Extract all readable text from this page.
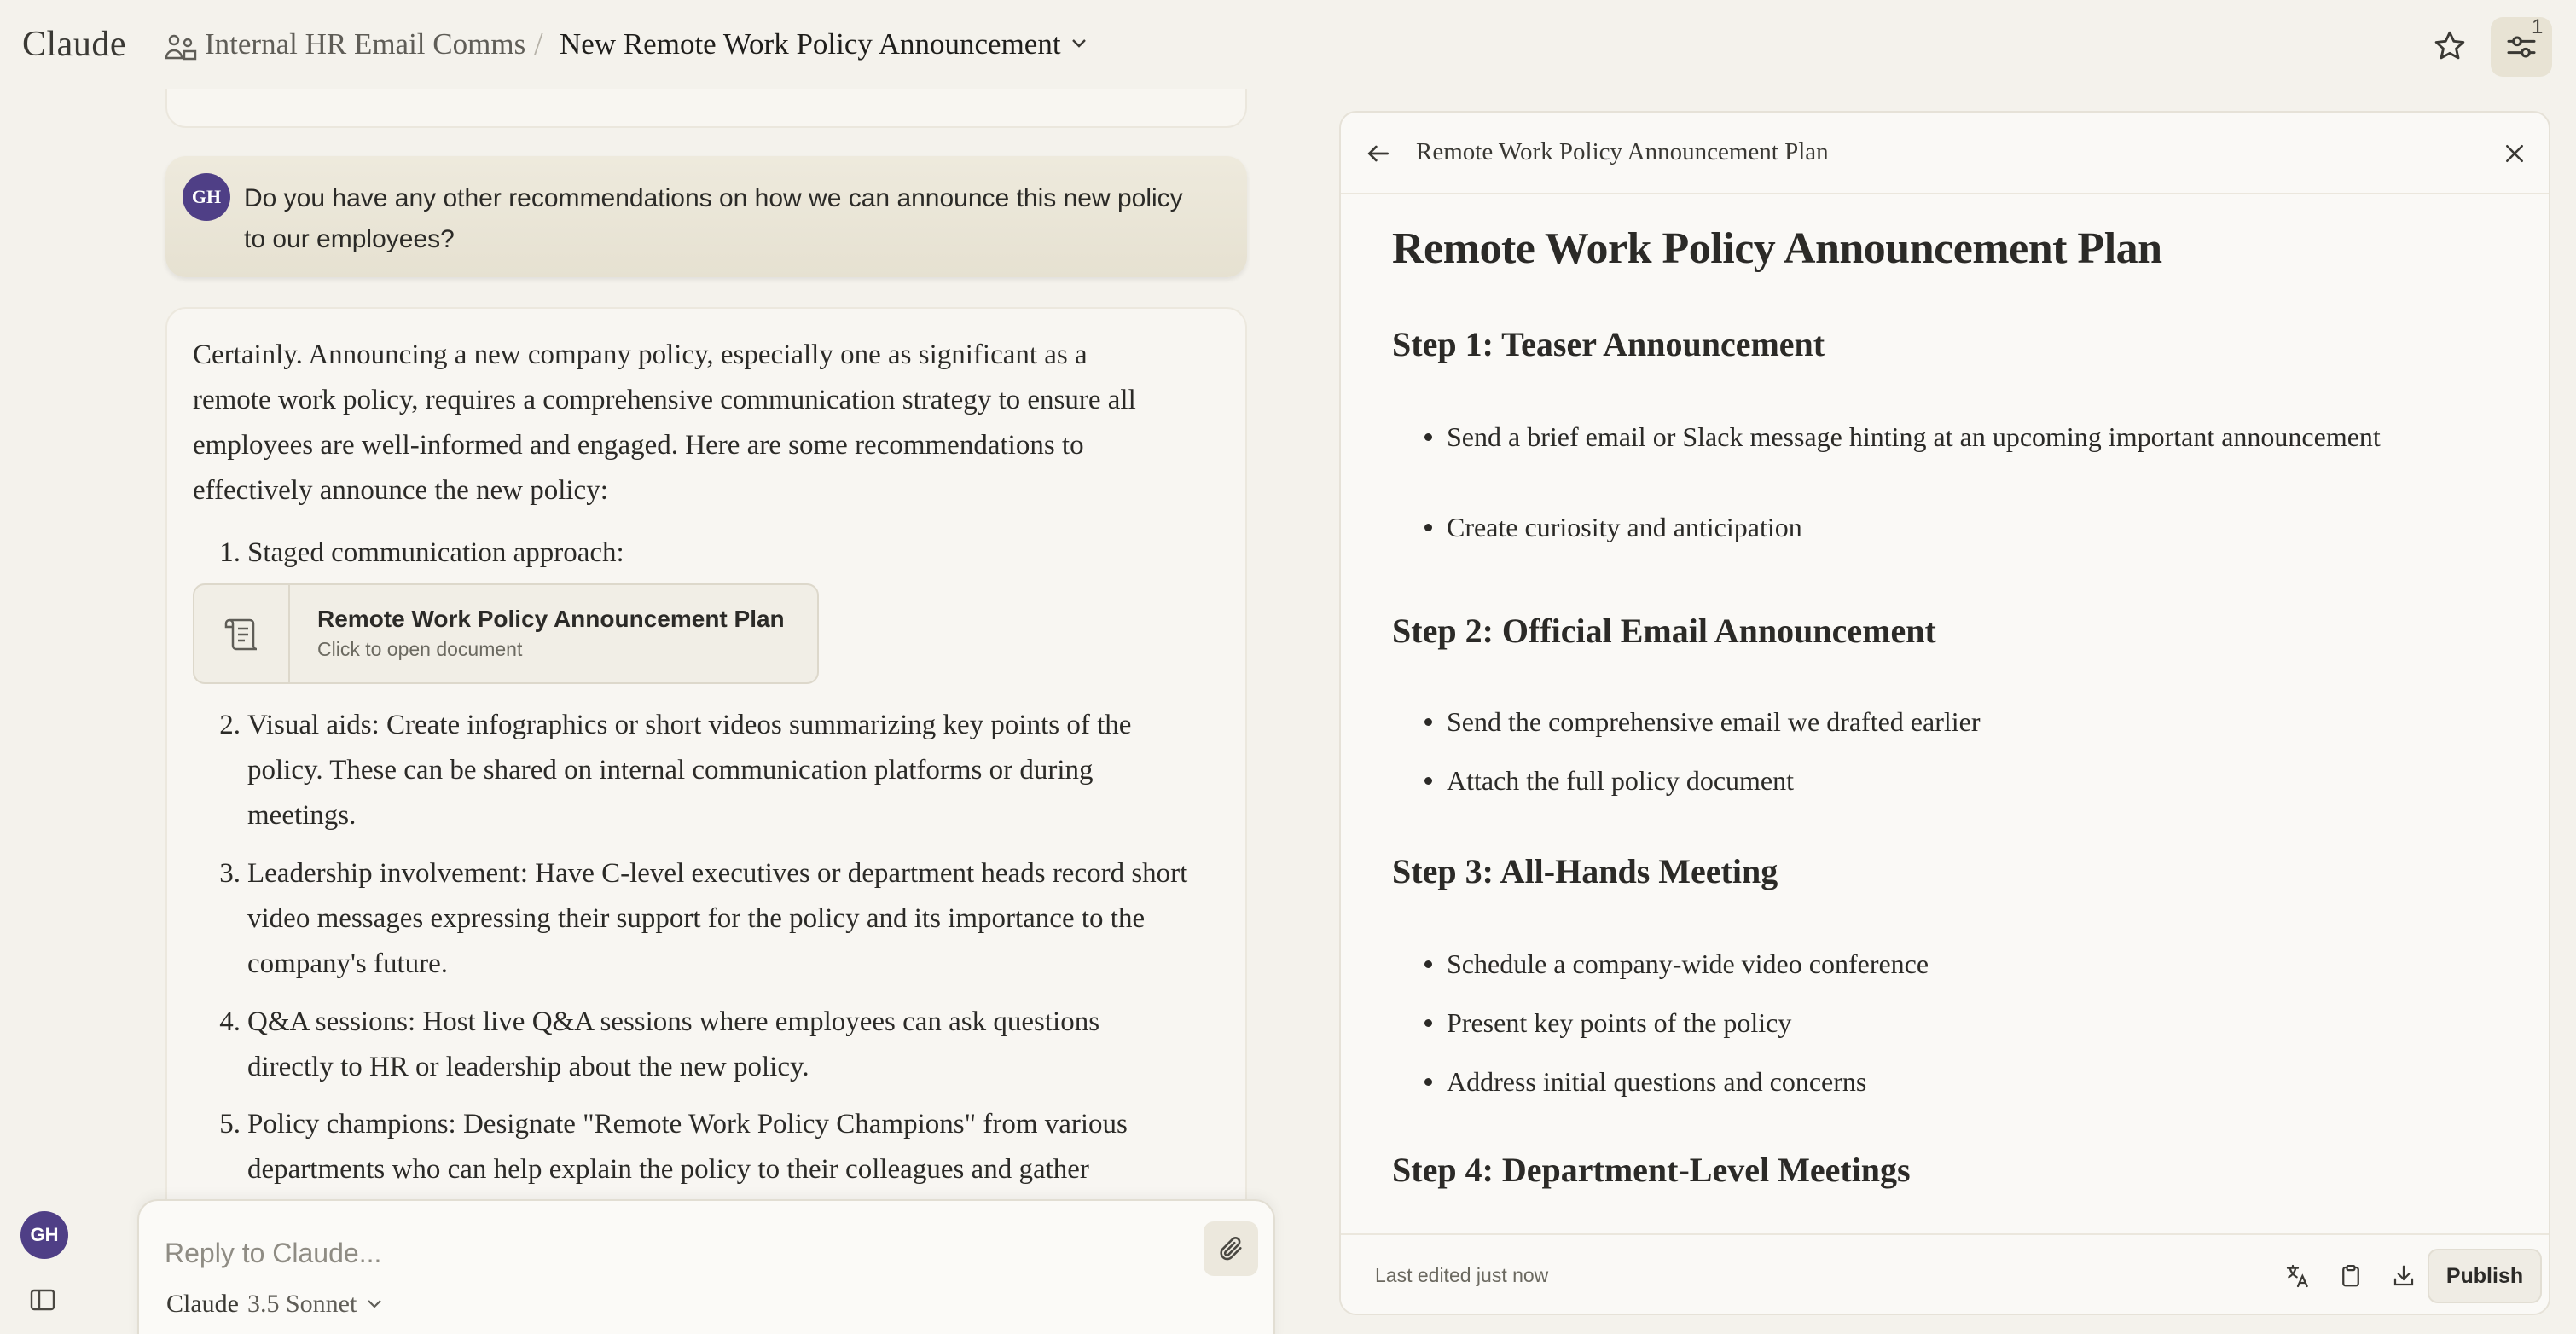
GH Do you have any other recommendations on how we can announce this new policy to our employees?
Certainly. Announcing a new company policy, especially one as significant as a remote work policy, requires a comprehensive communication strategy to ensure all employees are well-informed and engaged. Here are some recommendations to effectively announce the new policy:
1. Staged communication approach:
Remote Work Policy Announcement Plan
Click to open document
2. Visual aids: Create infographics or short videos summarizing key points of the policy. These can be shared on internal communication platforms or during meetings.
3. Leadership involvement: Have C-level executives or department heads record short video messages expressing their support for the policy and its importance to the company's future.
4. Q&A sessions: Host live Q&A sessions where employees can ask questions directly to HR or leadership about the new policy.
5. Policy champions: Designate "Remote Work Policy Champions" from various departments who can help explain the policy to their colleagues and gather
Reply to Claude...
Claude 3.5 Sonnet
Claude	Internal HR Email Comms / New Remote Work Policy Announcement
1
GH
Remote Work Policy Announcement Plan
Remote Work Policy Announcement Plan
Step 1: Teaser Announcement
Send a brief email or Slack message hinting at an upcoming important announcement
Create curiosity and anticipation
Step 2: Official Email Announcement
Send the comprehensive email we drafted earlier
Attach the full policy document
Step 3: All-Hands Meeting
Schedule a company-wide video conference
Present key points of the policy
Address initial questions and concerns
Step 4: Department-Level Meetings
Last edited just now	Publish
